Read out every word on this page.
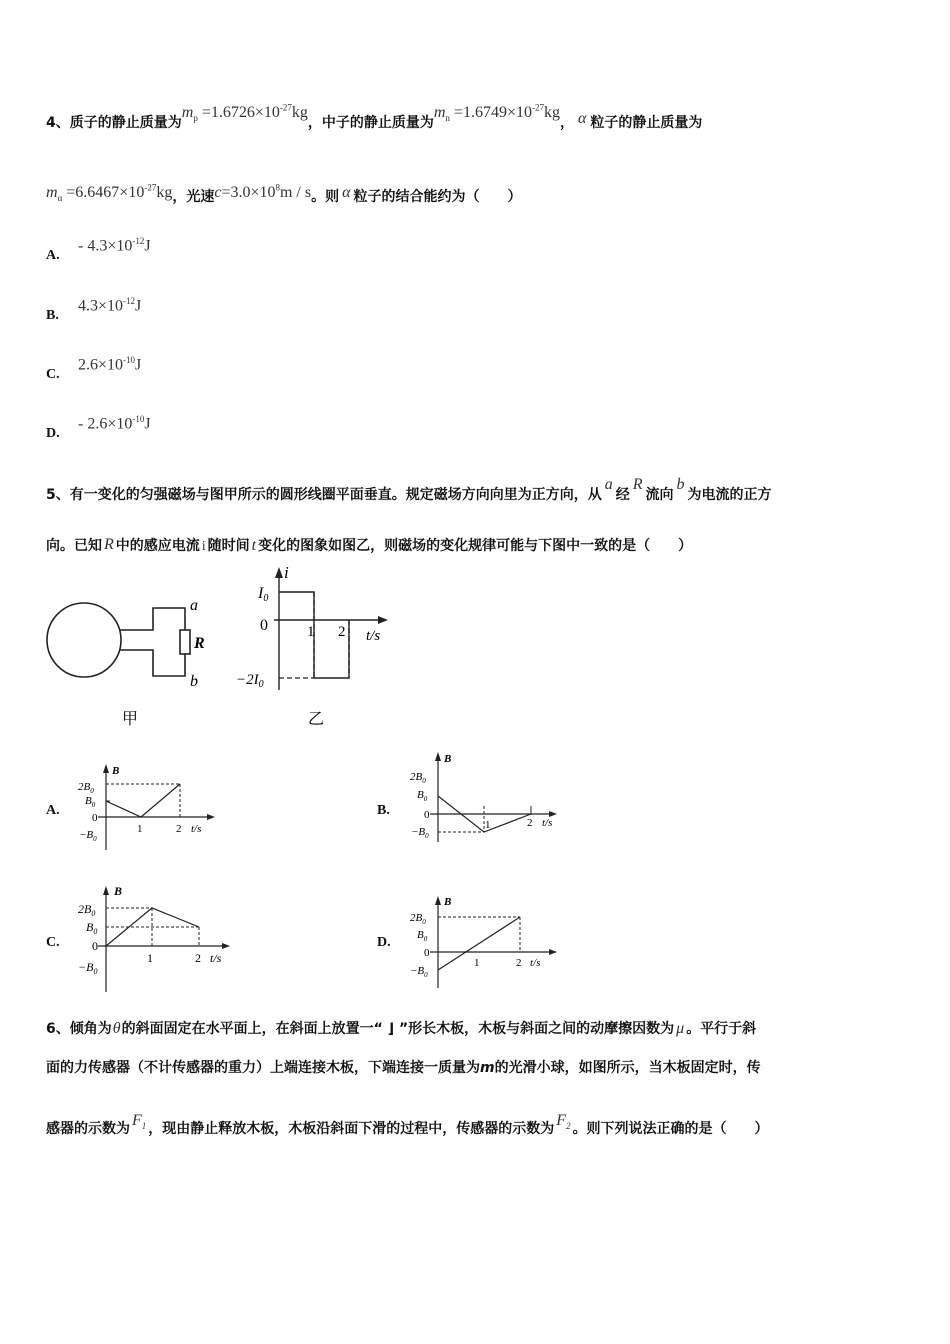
4、质子的静止质量为$m_p =1.6726\times 10^{-27}kg$，中子的静止质量为$m_n =1.6749\times 10^{-27}kg$， α 粒子的静止质量为
$m_\alpha =6.6467\times 10^{-27}kg$，光速$c=3.0\times 10^8m / s$。则 α 粒子的结合能约为（　　）
A.
- $4.3\times 10^{-12}J$
B.
$4.3\times 10^{-12}J$
C.
$2.6\times 10^{-10}J$
D.
- $2.6\times 10^{-10}J$
5、有一变化的匀强磁场与图甲所示的圆形线圈平面垂直。规定磁场方向向里为正方向，从a经R流向b为电流的正方
向。已知 R 中的感应电流 i 随时间 t 变化的图象如图乙，则磁场的变化规律可能与下图中一致的是（　　）
a
R
b
甲
i
I0
0	1 2 t/s
$-2I_0$
乙
A.
B
$2B_0$
$B_0$
0
$-B_0$
1	2 t/s
B.
B
$2B_0$
$B_0$
0
$-B_0$
1	2 t/s
C.
B
$2B_0$
$B_0$
0
$-B_0$
1	2 t/s
D.
B
$2B_0$
$B_0$
0
$-B_0$
1	2 t/s
6、倾角为θ的斜面固定在水平面上，在斜面上放置一“ ⌋ ”形长木板，木板与斜面之间的动摩擦因数为 μ 。平行于斜
面的力传感器（不计传感器的重力）上端连接木板，下端连接一质量为m的光滑小球，如图所示，当木板固定时，传
感器的示数为 $F_1$ ，现由静止释放木板，木板沿斜面下滑的过程中，传感器的示数为 $F_2$ 。则下列说法正确的是（　　）
